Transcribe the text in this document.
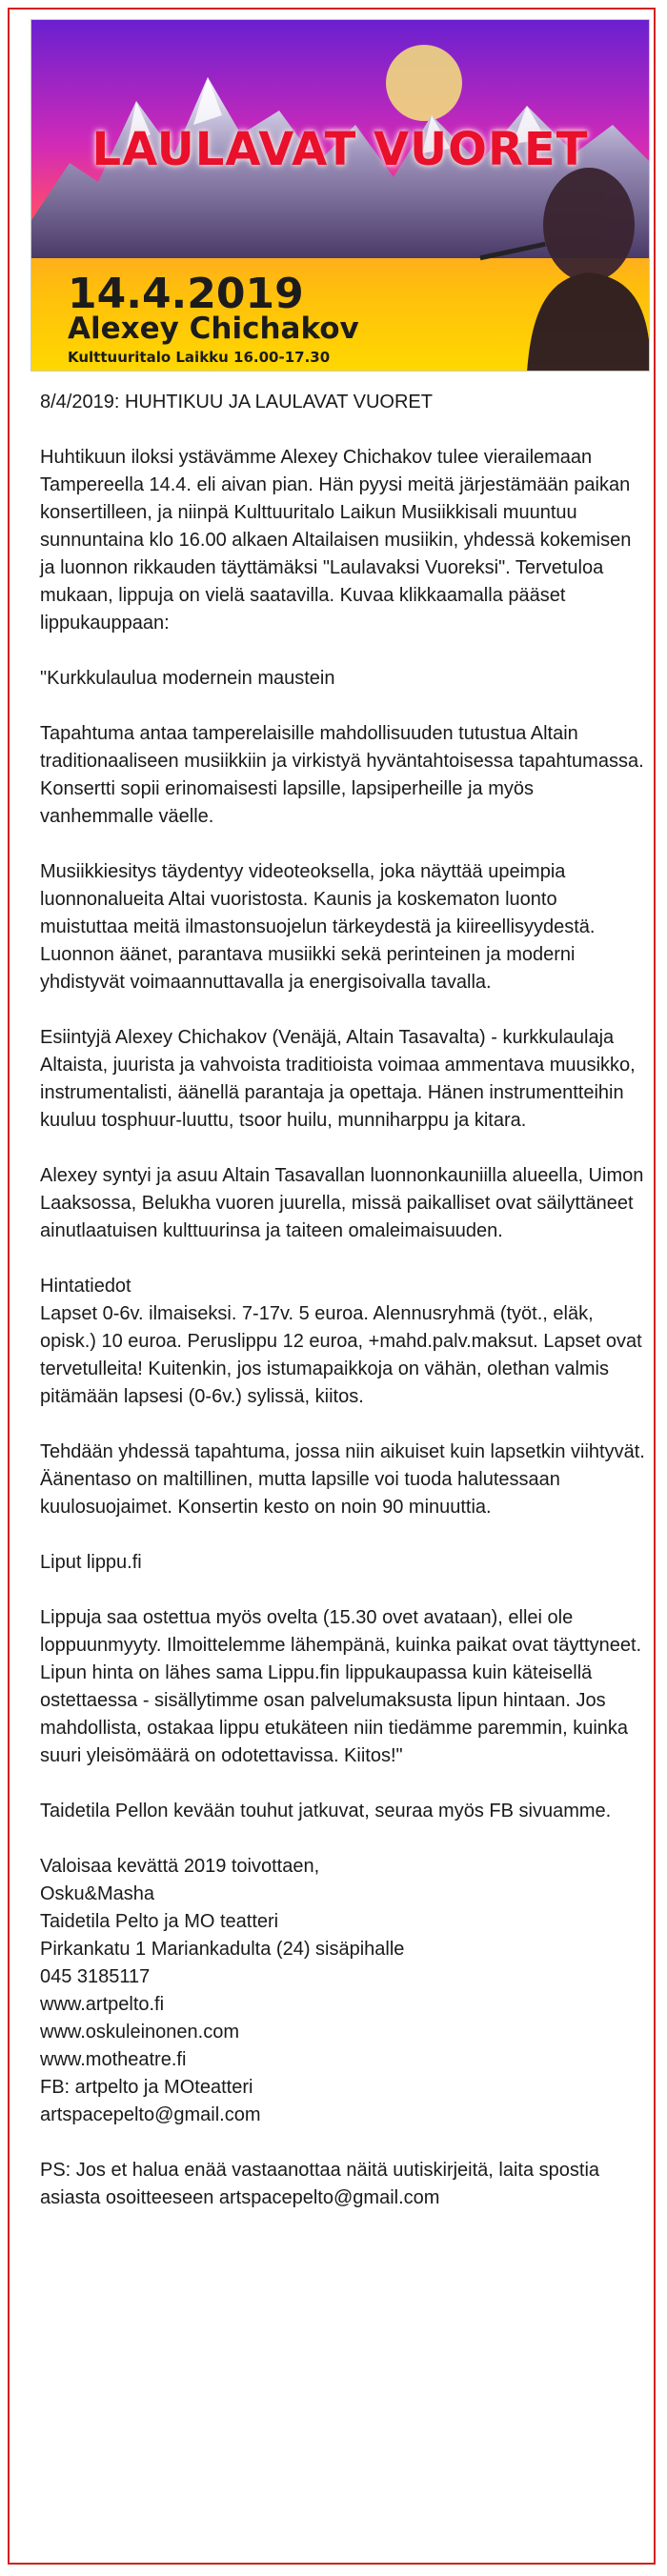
LAULAVAT VUORET
14.4.2019
Alexey Chichakov
Kulttuuritalo Laikku 16.00-17.30

8/4/2019: HUHTIKUU JA LAULAVAT VUORET

Huhtikuun iloksi ystävämme Alexey Chichakov tulee vierailemaan Tampereella 14.4. eli aivan pian. Hän pyysi meitä järjestämään paikan konsertilleen, ja niinpä Kulttuuritalo Laikun Musiikkisali muuntuu sunnuntaina klo 16.00 alkaen Altailaisen musiikin, yhdessä kokemisen ja luonnon rikkauden täyttämäksi "Laulavaksi Vuoreksi". Tervetuloa mukaan, lippuja on vielä saatavilla. Kuvaa klikkaamalla pääset lippukauppaan:

"Kurkkulaulua modernein maustein

Tapahtuma antaa tamperelaisille mahdollisuuden tutustua Altain traditionaaliseen musiikkiin ja virkistyä hyväntahtoisessa tapahtumassa. Konsertti sopii erinomaisesti lapsille, lapsiperheille ja myös vanhemmalle väelle.

Musiikkiesitys täydentyy videoteoksella, joka näyttää upeimpia luonnonalueita Altai vuoristosta. Kaunis ja koskematon luonto muistuttaa meitä ilmastonsuojelun tärkeydestä ja kiireellisyydestä. Luonnon äänet, parantava musiikki sekä perinteinen ja moderni yhdistyvät voimaannuttavalla ja energisoivalla tavalla.

Esiintyjä Alexey Chichakov (Venäjä, Altain Tasavalta) - kurkkulaulaja Altaista, juurista ja vahvoista traditioista voimaa ammentava muusikko, instrumentalisti, äänellä parantaja ja opettaja. Hänen instrumentteihin kuuluu tosphuur-luuttu, tsoor huilu, munniharppu ja kitara.

Alexey syntyi ja asuu Altain Tasavallan luonnonkauniilla alueella, Uimon Laaksossa, Belukha vuoren juurella, missä paikalliset ovat säilyttäneet ainutlaatuisen kulttuurinsa ja taiteen omaleimaisuuden.

Hintatiedot
Lapset 0-6v. ilmaiseksi. 7-17v. 5 euroa. Alennusryhmä (työt., eläk, opisk.) 10 euroa. Peruslippu 12 euroa, +mahd.palv.maksut. Lapset ovat tervetulleita! Kuitenkin, jos istumapaikkoja on vähän, olethan valmis pitämään lapsesi (0-6v.) sylissä, kiitos.

Tehdään yhdessä tapahtuma, jossa niin aikuiset kuin lapsetkin viihtyvät. Äänentaso on maltillinen, mutta lapsille voi tuoda halutessaan kuulosuojaimet. Konsertin kesto on noin 90 minuuttia.

Liput lippu.fi

Lippuja saa ostettua myös ovelta (15.30 ovet avataan), ellei ole loppuunmyyty. Ilmoittelemme lähempänä, kuinka paikat ovat täyttyneet. Lipun hinta on lähes sama Lippu.fin lippukaupassa kuin käteisellä ostettaessa - sisällytimme osan palvelumaksusta lipun hintaan. Jos mahdollista, ostakaa lippu etukäteen niin tiedämme paremmin, kuinka suuri yleisömäärä on odotettavissa. Kiitos!"

Taidetila Pellon kevään touhut jatkuvat, seuraa myös FB sivuamme.

Valoisaa kevättä 2019 toivottaen,
Osku&Masha
Taidetila Pelto ja MO teatteri
Pirkankatu 1 Mariankadulta (24) sisäpihalle
045 3185117
www.artpelto.fi
www.oskuleinonen.com
www.motheatre.fi
FB: artpelto ja MOteatteri
artspacepelto@gmail.com

PS: Jos et halua enää vastaanottaa näitä uutiskirjeitä, laita spostia asiasta osoitteeseen artspacepelto@gmail.com
